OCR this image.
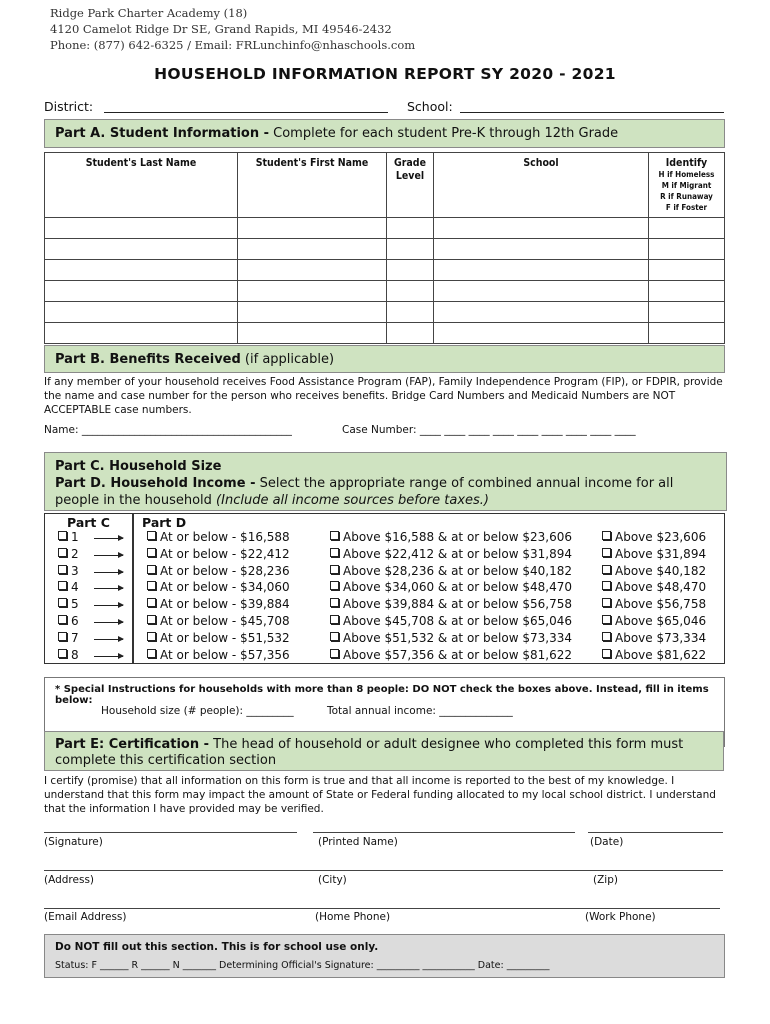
Ridge Park Charter Academy (18)
4120 Camelot Ridge Dr SE, Grand Rapids, MI 49546-2432
Phone: (877) 642-6325 / Email: FRLunchinfo@nhaschools.com
HOUSEHOLD INFORMATION REPORT SY 2020 - 2021
District:	School:
Part A. Student Information - Complete for each student Pre-K through 12th Grade
Student's Last Name	Student's First Name	Grade Level	School	Identify
H if Homeless
M if Migrant
R if Runaway
F if Foster

Part B. Benefits Received (if applicable)
If any member of your household receives Food Assistance Program (FAP), Family Independence Program (FIP), or FDPIR, provide the name and case number for the person who receives benefits. Bridge Card Numbers and Medicaid Numbers are NOT ACCEPTABLE case numbers.
Name: ________________________________________	Case Number: ____ ____ ____ ____ ____ ____ ____ ____ ____
Part C. Household Size
Part D. Household Income - Select the appropriate range of combined annual income for all people in the household (Include all income sources before taxes.)
Part C	Part D
1	At or below - $16,588	Above $16,588 & at or below $23,606	Above $23,606
2	At or below - $22,412	Above $22,412 & at or below $31,894	Above $31,894
3	At or below - $28,236	Above $28,236 & at or below $40,182	Above $40,182
4	At or below - $34,060	Above $34,060 & at or below $48,470	Above $48,470
5	At or below - $39,884	Above $39,884 & at or below $56,758	Above $56,758
6	At or below - $45,708	Above $45,708 & at or below $65,046	Above $65,046
7	At or below - $51,532	Above $51,532 & at or below $73,334	Above $73,334
8	At or below - $57,356	Above $57,356 & at or below $81,622	Above $81,622
* Special Instructions for households with more than 8 people: DO NOT check the boxes above. Instead, fill in items below:
Household size (# people): _________	Total annual income: ______________
Part E: Certification - The head of household or adult designee who completed this form must complete this certification section
I certify (promise) that all information on this form is true and that all income is reported to the best of my knowledge. I understand that this form may impact the amount of State or Federal funding allocated to my local school district. I understand that the information I have provided may be verified.
(Signature)	(Printed Name)	(Date)
(Address)	(City)	(Zip)
(Email Address)	(Home Phone)	(Work Phone)
Do NOT fill out this section. This is for school use only.
Status: F ______ R ______ N _______ Determining Official's Signature: _________ ___________ Date: _________
